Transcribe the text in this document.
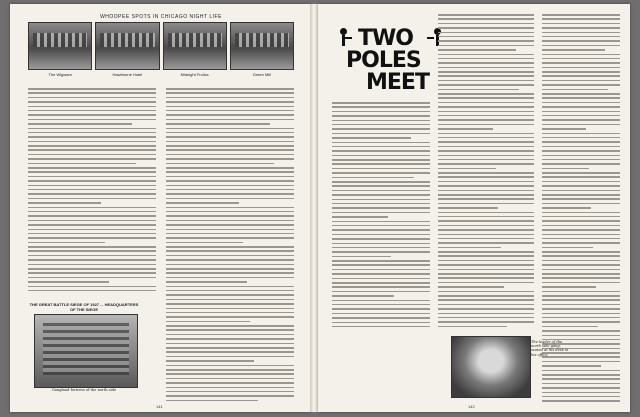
WHOOPEE SPOTS IN CHICAGO NIGHT LIFE
The Wigwam	Hawthorne Hotel	Midnight Frolics	Green Mill
THE GREAT BATTLE SIEGE OF 1927 ... HEADQUARTERS OF THE SIEGE
Gangland fortress of the north side
141
TWO
POLES
MEET
The leader of the north side gang, seated at his desk in his office
142
